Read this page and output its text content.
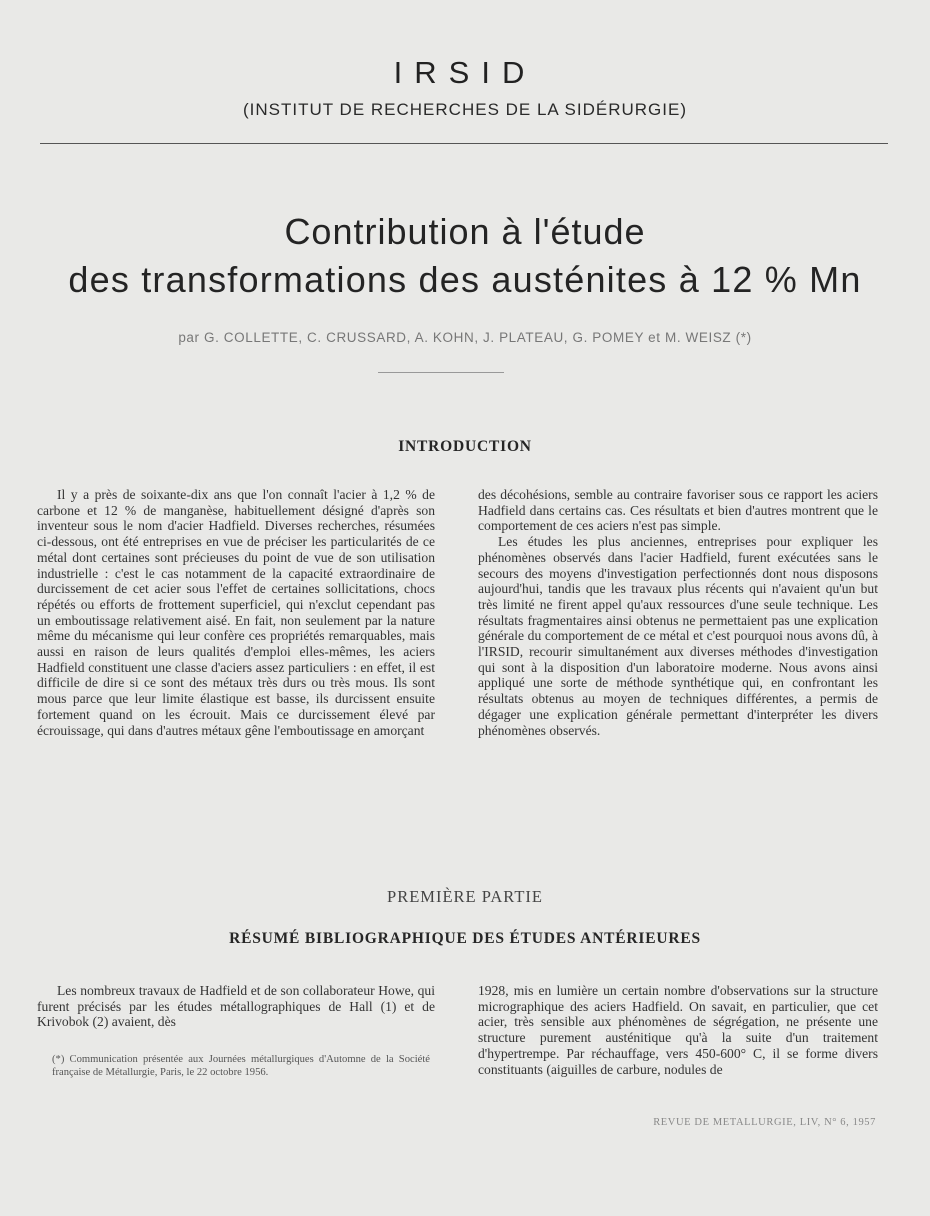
IRSID
(INSTITUT DE RECHERCHES DE LA SIDÉRURGIE)
Contribution à l'étude
des transformations des austénites à 12 % Mn
par G. COLLETTE, C. CRUSSARD, A. KOHN, J. PLATEAU, G. POMEY et M. WEISZ (*)
INTRODUCTION

Il y a près de soixante-dix ans que l'on connaît l'acier à 1,2 % de carbone et 12 % de manganèse, habituellement désigné d'après son inventeur sous le nom d'acier Hadfield. Diverses recherches, résumées ci-dessous, ont été entreprises en vue de préciser les particularités de ce métal dont certaines sont précieuses du point de vue de son utilisation industrielle : c'est le cas notamment de la capacité extraordinaire de durcissement de cet acier sous l'effet de certaines sollicitations, chocs répétés ou efforts de frottement superficiel, qui n'exclut cependant pas un emboutissage relativement aisé. En fait, non seulement par la nature même du mécanisme qui leur confère ces propriétés remarquables, mais aussi en raison de leurs qualités d'emploi elles-mêmes, les aciers Hadfield constituent une classe d'aciers assez particuliers : en effet, il est difficile de dire si ce sont des métaux très durs ou très mous. Ils sont mous parce que leur limite élastique est basse, ils durcissent ensuite fortement quand on les écrouit. Mais ce durcissement élevé par écrouissage, qui dans d'autres métaux gêne l'emboutissage en amorçant

des décohésions, semble au contraire favoriser sous ce rapport les aciers Hadfield dans certains cas. Ces résultats et bien d'autres montrent que le comportement de ces aciers n'est pas simple.

Les études les plus anciennes, entreprises pour expliquer les phénomènes observés dans l'acier Hadfield, furent exécutées sans le secours des moyens d'investigation perfectionnés dont nous disposons aujourd'hui, tandis que les travaux plus récents qui n'avaient qu'un but très limité ne firent appel qu'aux ressources d'une seule technique. Les résultats fragmentaires ainsi obtenus ne permettaient pas une explication générale du comportement de ce métal et c'est pourquoi nous avons dû, à l'IRSID, recourir simultanément aux diverses méthodes d'investigation qui sont à la disposition d'un laboratoire moderne. Nous avons ainsi appliqué une sorte de méthode synthétique qui, en confrontant les résultats obtenus au moyen de techniques différentes, a permis de dégager une explication générale permettant d'interpréter les divers phénomènes observés.

PREMIÈRE PARTIE
RÉSUMÉ BIBLIOGRAPHIQUE DES ÉTUDES ANTÉRIEURES

Les nombreux travaux de Hadfield et de son collaborateur Howe, qui furent précisés par les études métallographiques de Hall (1) et de Krivobok (2) avaient, dès

1928, mis en lumière un certain nombre d'observations sur la structure micrographique des aciers Hadfield. On savait, en particulier, que cet acier, très sensible aux phénomènes de ségrégation, ne présente une structure purement austénitique qu'à la suite d'un traitement d'hypertrempe. Par réchauffage, vers 450-600° C, il se forme divers constituants (aiguilles de carbure, nodules de

(*) Communication présentée aux Journées métallurgiques d'Automne de la Société française de Métallurgie, Paris, le 22 octobre 1956.
REVUE DE METALLURGIE, LIV, N° 6, 1957
